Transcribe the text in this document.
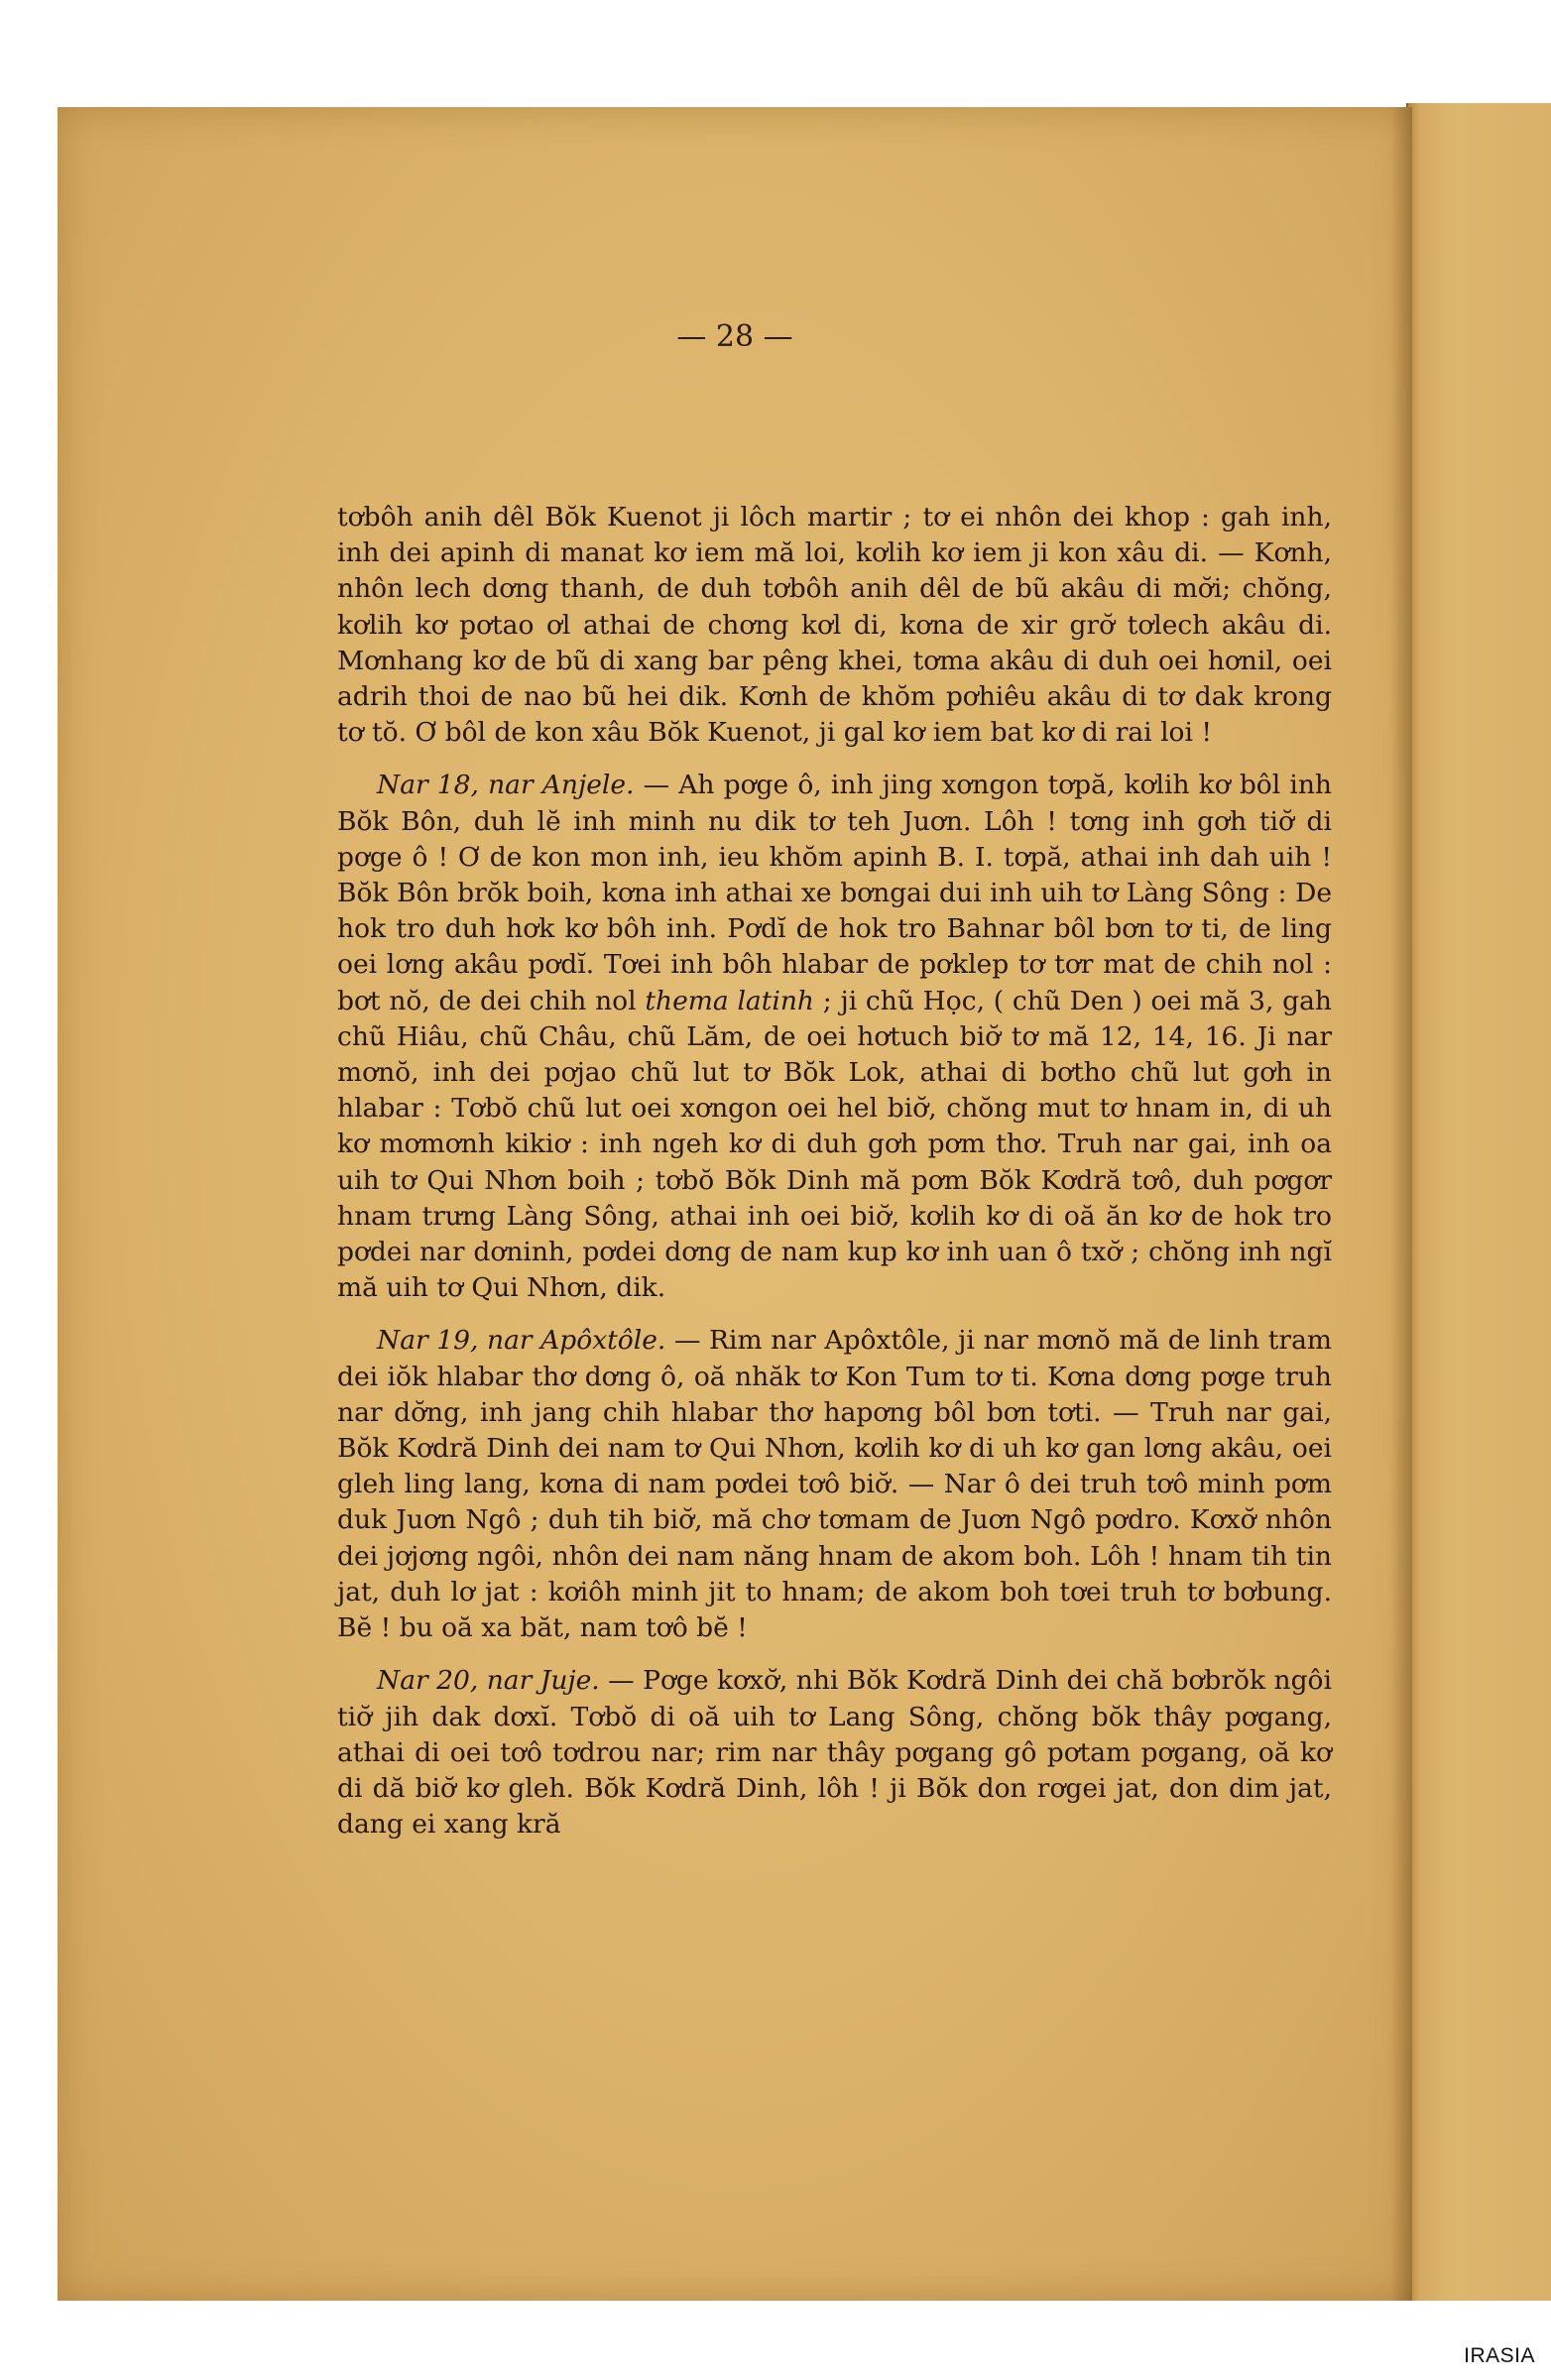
— 28 —

tơbôh anih dêl Bŏk Kuenot ji lôch martir ; tơ ei nhôn dei khop : gah inh, inh dei apinh di manat kơ iem mă loi, kơlih kơ iem ji kon xâu di. — Kơnh, nhôn lech dơng thanh, de duh tơbôh anih dêl de bũ akâu di mơ̆i; chŏng, kơlih kơ pơtao ơl athai de chơng kơl di, kơna de xir grơ̆ tơlech akâu di. Mơnhang kơ de bũ di xang bar pêng khei, tơma akâu di duh oei hơnil, oei adrih thoi de nao bũ hei dik. Kơnh de khŏm pơhiêu akâu di tơ dak krong tơ tŏ. Ơ bôl de kon xâu Bŏk Kuenot, ji gal kơ iem bat kơ di rai loi !

Nar 18, nar Anjele. — Ah pơge ô, inh jing xơngon tơpă, kơlih kơ bôl inh Bŏk Bôn, duh lĕ inh minh nu dik tơ teh Juơn. Lôh ! tơng inh gơh tiơ̆ di pơge ô ! Ơ de kon mon inh, ieu khŏm apinh B. I. tơpă, athai inh dah uih ! Bŏk Bôn brŏk boih, kơna inh athai xe bơngai dui inh uih tơ Làng Sông : De hok tro duh hơk kơ bôh inh. Pơdĭ de hok tro Bahnar bôl bơn tơ ti, de ling oei lơng akâu pơdĭ. Tơei inh bôh hlabar de pơklep tơ tơr mat de chih nol : bơt nŏ, de dei chih nol thema latinh ; ji chũ Học, ( chũ Den ) oei mă 3, gah chũ Hiâu, chũ Châu, chũ Lăm, de oei hơtuch biơ̆ tơ mă 12, 14, 16. Ji nar mơnŏ, inh dei pơjao chũ lut tơ Bŏk Lok, athai di bơtho chũ lut gơh in hlabar : Tơbŏ chũ lut oei xơngon oei hel biơ̆, chŏng mut tơ hnam in, di uh kơ mơmơnh kikiơ : inh ngeh kơ di duh gơh pơm thơ. Truh nar gai, inh oa uih tơ Qui Nhơn boih ; tơbŏ Bŏk Dinh mă pơm Bŏk Kơdră tơô, duh pơgơr hnam trưng Làng Sông, athai inh oei biơ̆, kơlih kơ di oă ăn kơ de hok tro pơdei nar dơninh, pơdei dơng de nam kup kơ inh uan ô txơ̆ ; chŏng inh ngĭ mă uih tơ Qui Nhơn, dik.

Nar 19, nar Apôxtôle. — Rim nar Apôxtôle, ji nar mơnŏ mă de linh tram dei iŏk hlabar thơ dơng ô, oă nhăk tơ Kon Tum tơ ti. Kơna dơng pơge truh nar dơ̆ng, inh jang chih hlabar thơ hapơng bôl bơn tơti. — Truh nar gai, Bŏk Kơdră Dinh dei nam tơ Qui Nhơn, kơlih kơ di uh kơ gan lơng akâu, oei gleh ling lang, kơna di nam pơdei tơô biơ̆. — Nar ô dei truh tơô minh pơm duk Juơn Ngô ; duh tih biơ̆, mă chơ tơmam de Juơn Ngô pơdro. Kơxơ̆ nhôn dei jơjơng ngôi, nhôn dei nam năng hnam de akom boh. Lôh ! hnam tih tin jat, duh lơ jat : kơiôh minh jit to hnam; de akom boh tơei truh tơ bơbung. Bĕ ! bu oă xa băt, nam tơô bĕ !

Nar 20, nar Juje. — Pơge kơxơ̆, nhi Bŏk Kơdră Dinh dei chă bơbrŏk ngôi tiơ̆ jih dak dơxĭ. Tơbŏ di oă uih tơ Lang Sông, chŏng bŏk thây pơgang, athai di oei tơô tơdrou nar; rim nar thây pơgang gô pơtam pơgang, oă kơ di dă biơ̆ kơ gleh. Bŏk Kơdră Dinh, lôh ! ji Bŏk don rơgei jat, don dim jat, dang ei xang kră

IRASIA
